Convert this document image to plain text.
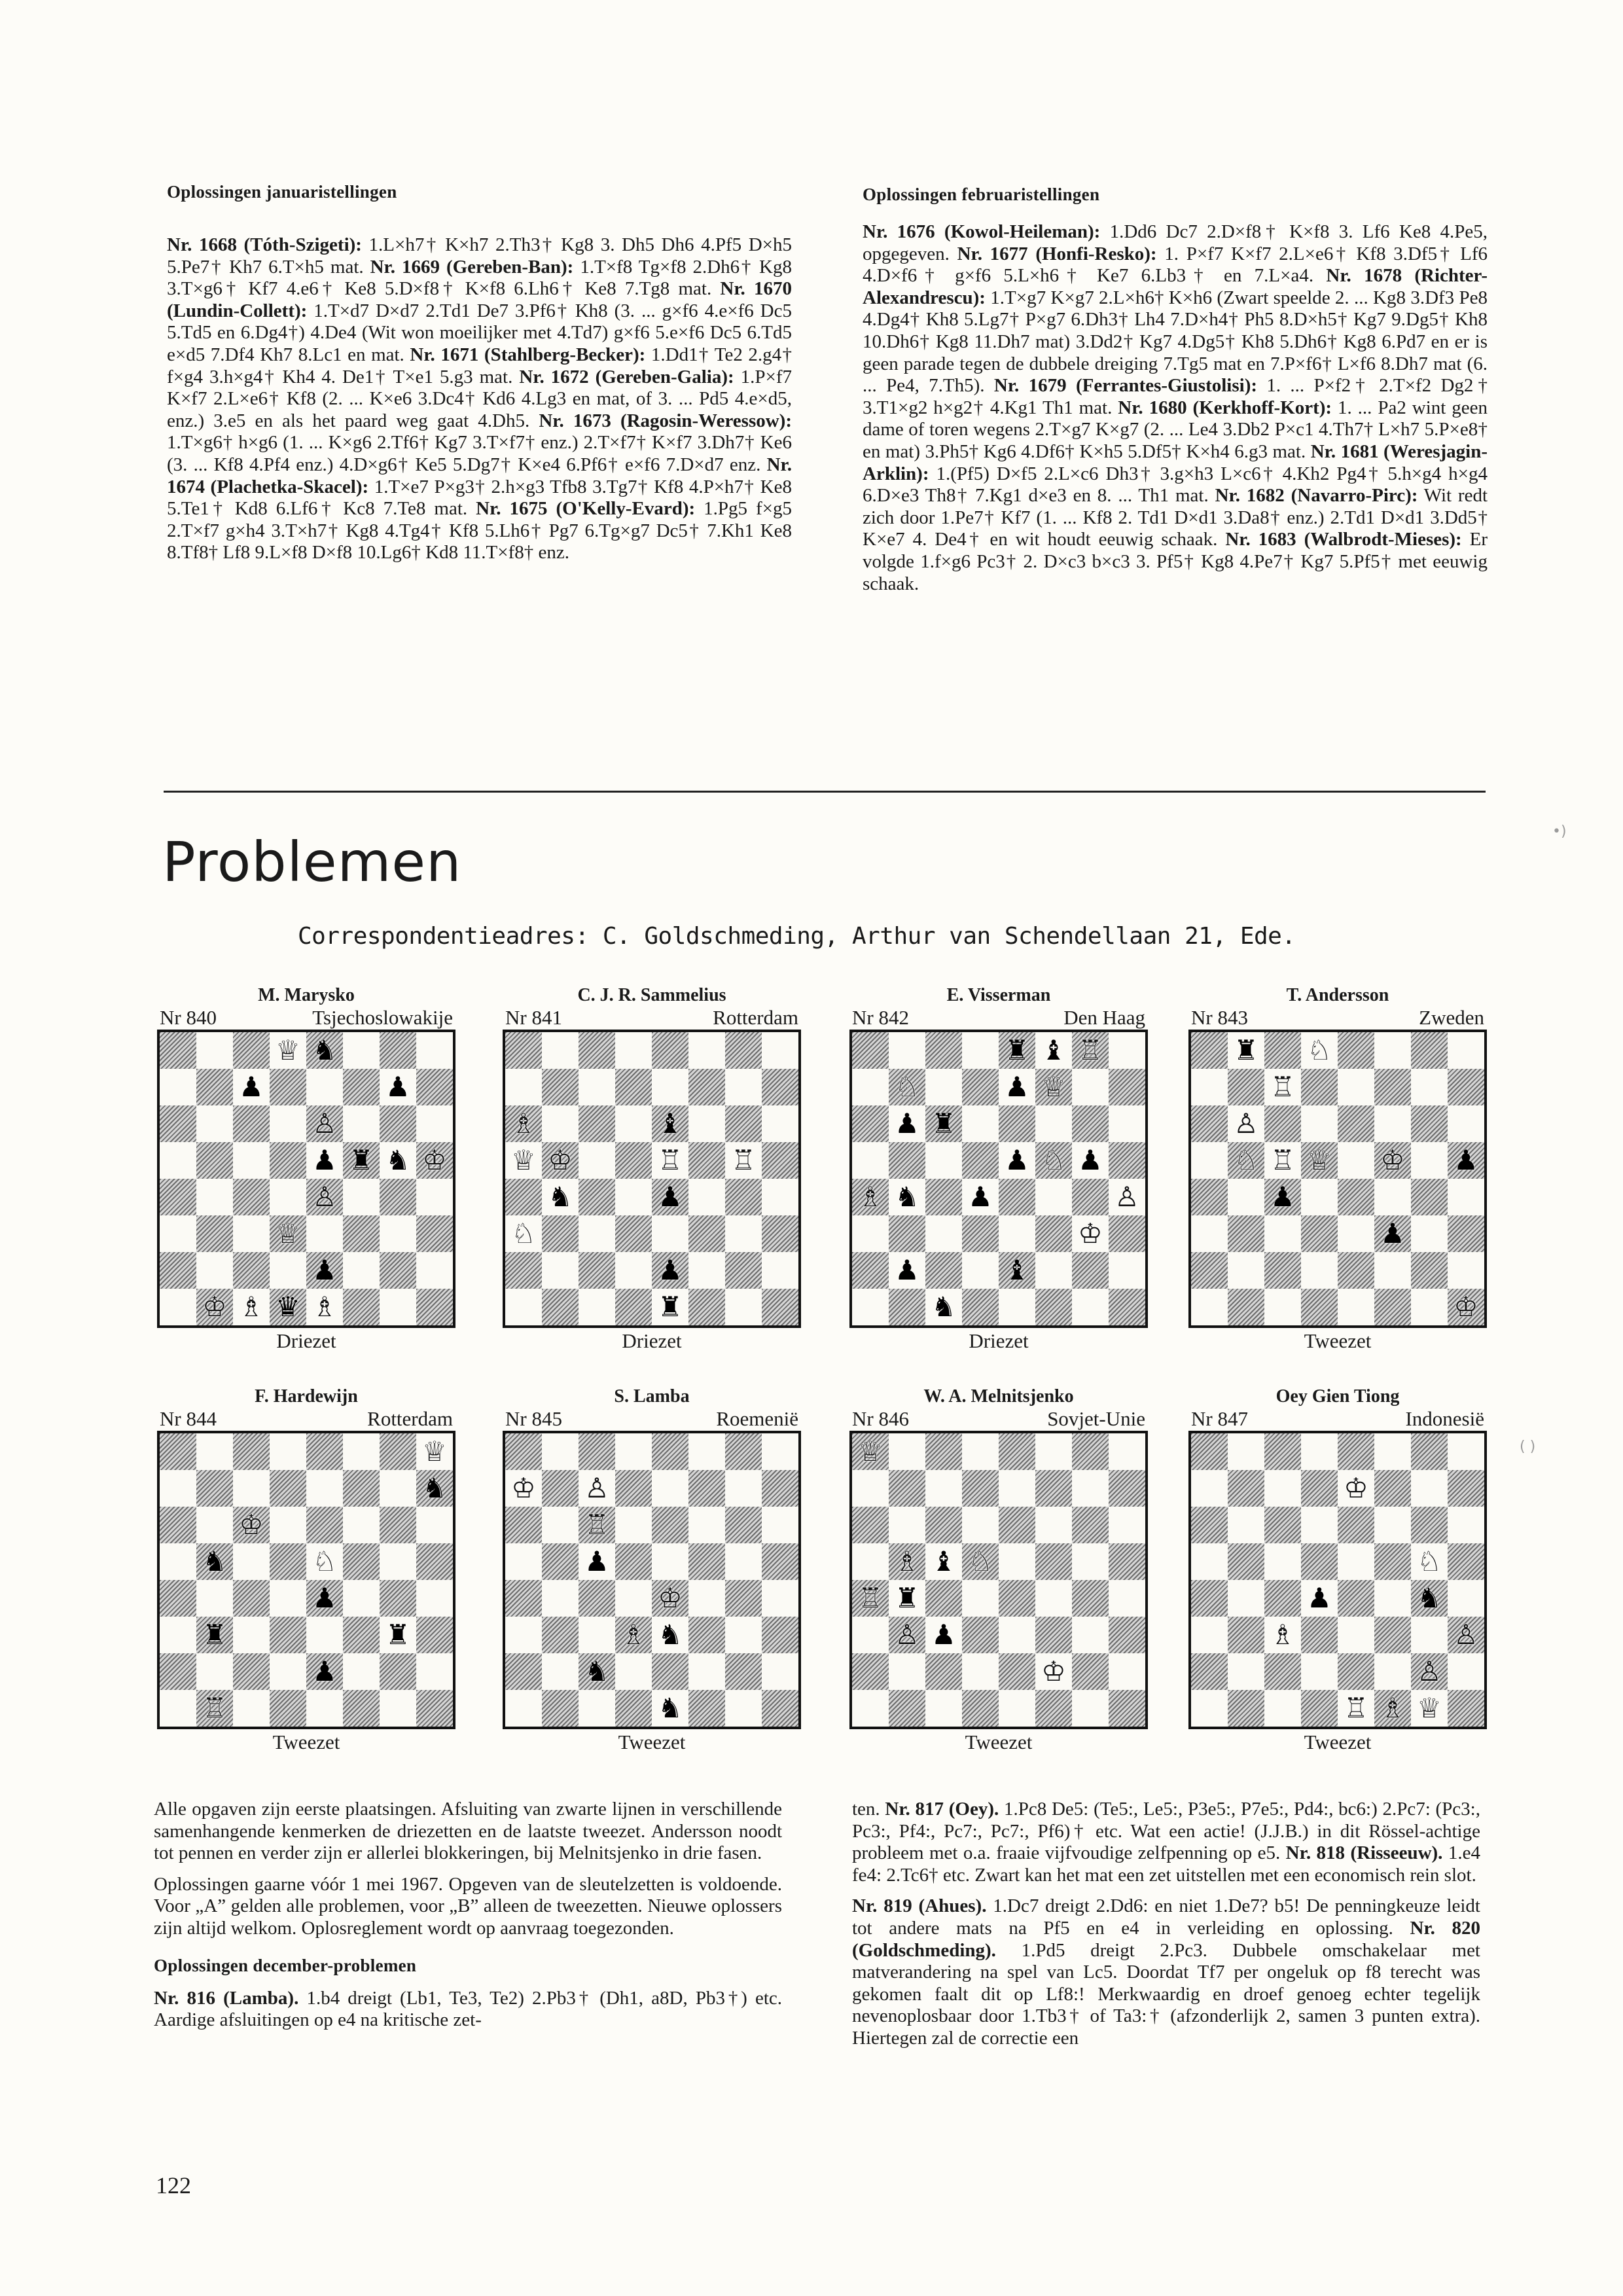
Oplossingen januaristellingen

Nr. 1668 (Tóth-Szigeti): 1.L×h7† K×h7 2.Th3† Kg8 3. Dh5 Dh6 4.Pf5 D×h5 5.Pe7† Kh7 6.T×h5 mat. Nr. 1669 (Gereben-Ban): 1.T×f8 Tg×f8 2.Dh6† Kg8 3.T×g6† Kf7 4.e6† Ke8 5.D×f8† K×f8 6.Lh6† Ke8 7.Tg8 mat. Nr. 1670 (Lundin-Collett): 1.T×d7 D×d7 2.Td1 De7 3.Pf6† Kh8 (3. ... g×f6 4.e×f6 Dc5 5.Td5 en 6.Dg4†) 4.De4 (Wit won moeilijker met 4.Td7) g×f6 5.e×f6 Dc5 6.Td5 e×d5 7.Df4 Kh7 8.Lc1 en mat. Nr. 1671 (Stahlberg-Becker): 1.Dd1† Te2 2.g4† f×g4 3.h×g4† Kh4 4. De1† T×e1 5.g3 mat. Nr. 1672 (Gereben-Galia): 1.P×f7 K×f7 2.L×e6† Kf8 (2. ... K×e6 3.Dc4† Kd6 4.Lg3 en mat, of 3. ... Pd5 4.e×d5, enz.) 3.e5 en als het paard weg gaat 4.Dh5. Nr. 1673 (Ragosin-Weressow): 1.T×g6† h×g6 (1. ... K×g6 2.Tf6† Kg7 3.T×f7† enz.) 2.T×f7† K×f7 3.Dh7† Ke6 (3. ... Kf8 4.Pf4 enz.) 4.D×g6† Ke5 5.Dg7† K×e4 6.Pf6† e×f6 7.D×d7 enz. Nr. 1674 (Plachetka-Skacel): 1.T×e7 P×g3† 2.h×g3 Tfb8 3.Tg7† Kf8 4.P×h7† Ke8 5.Te1† Kd8 6.Lf6† Kc8 7.Te8 mat. Nr. 1675 (O'Kelly-Evard): 1.Pg5 f×g5 2.T×f7 g×h4 3.T×h7† Kg8 4.Tg4† Kf8 5.Lh6† Pg7 6.Tg×g7 Dc5† 7.Kh1 Ke8 8.Tf8† Lf8 9.L×f8 D×f8 10.Lg6† Kd8 11.T×f8† enz.

Oplossingen februaristellingen

Nr. 1676 (Kowol-Heileman): 1.Dd6 Dc7 2.D×f8† K×f8 3. Lf6 Ke8 4.Pe5, opgegeven. Nr. 1677 (Honfi-Resko): 1. P×f7 K×f7 2.L×e6† Kf8 3.Df5† Lf6 4.D×f6† g×f6 5.L×h6† Ke7 6.Lb3† en 7.L×a4. Nr. 1678 (Richter-Alexandrescu): 1.T×g7 K×g7 2.L×h6† K×h6 (Zwart speelde 2. ... Kg8 3.Df3 Pe8 4.Dg4† Kh8 5.Lg7† P×g7 6.Dh3† Lh4 7.D×h4† Ph5 8.D×h5† Kg7 9.Dg5† Kh8 10.Dh6† Kg8 11.Dh7 mat) 3.Dd2† Kg7 4.Dg5† Kh8 5.Dh6† Kg8 6.Pd7 en er is geen parade tegen de dubbele dreiging 7.Tg5 mat en 7.P×f6† L×f6 8.Dh7 mat (6. ... Pe4, 7.Th5). Nr. 1679 (Ferrantes-Giustolisi): 1. ... P×f2† 2.T×f2 Dg2† 3.T1×g2 h×g2† 4.Kg1 Th1 mat. Nr. 1680 (Kerkhoff-Kort): 1. ... Pa2 wint geen dame of toren wegens 2.T×g7 K×g7 (2. ... Le4 3.Db2 P×c1 4.Th7† L×h7 5.P×e8† en mat) 3.Ph5† Kg6 4.Df6† K×h5 5.Df5† K×h4 6.g3 mat. Nr. 1681 (Weresjagin-Arklin): 1.(Pf5) D×f5 2.L×c6 Dh3† 3.g×h3 L×c6† 4.Kh2 Pg4† 5.h×g4 h×g4 6.D×e3 Th8† 7.Kg1 d×e3 en 8. ... Th1 mat. Nr. 1682 (Navarro-Pirc): Wit redt zich door 1.Pe7† Kf7 (1. ... Kf8 2. Td1 D×d1 3.Da8† enz.) 2.Td1 D×d1 3.Dd5† K×e7 4. De4† en wit houdt eeuwig schaak. Nr. 1683 (Walbrodt-Mieses): Er volgde 1.f×g6 Pc3† 2. D×c3 b×c3 3. Pf5† Kg8 4.Pe7† Kg7 5.Pf5† met eeuwig schaak.

Problemen
Correspondentieadres: C. Goldschmeding, Arthur van Schendellaan 21, Ede.
M. Marysko
Nr 840	Tsjechoslowakije
♕ ♞
♟	♟
♙
♟ ♜ ♞ ♔
♙
♕
♟
♔ ♗ ♛ ♗
Driezet
C. J. R. Sammelius
Nr 841	Rotterdam
♗	♝
♕ ♔	♖ ♖
♞	♟
♘
♟
♜
Driezet
E. Visserman
Nr 842	Den Haag
♜ ♝ ♖
♘	♟ ♕
♟ ♜
♟ ♘ ♟
♗ ♞ ♟	♙
♔
♟	♝
♞
Driezet
T. Andersson
Nr 843	Zweden
♜ ♘
♖
♙
♘ ♖ ♕ ♔ ♟
♟
♟
♔
Tweezet
F. Hardewijn
Nr 844	Rotterdam
♕
♞
♔
♞	♘
♟
♜	♜
♟
♖
Tweezet
S. Lamba
Nr 845	Roemenië
♔ ♙
♖
♟
♔
♗ ♞
♞
♞
Tweezet
W. A. Melnitsjenko
Nr 846	Sovjet-Unie
♕
♗ ♝ ♘
♖ ♜
♙ ♟
♔
Tweezet
Oey Gien Tiong
Nr 847	Indonesië
♔
♘
♟	♞
♗	♙
♙
♖ ♗ ♕
Tweezet

Alle opgaven zijn eerste plaatsingen. Afsluiting van zwarte lijnen in verschillende samenhangende kenmerken de driezetten en de laatste tweezet. Andersson noodt tot pennen en verder zijn er allerlei blokkeringen, bij Melnitsjenko in drie fasen.

Oplossingen gaarne vóór 1 mei 1967. Opgeven van de sleutelzetten is voldoende. Voor „A” gelden alle problemen, voor „B” alleen de tweezetten. Nieuwe oplossers zijn altijd welkom. Oplosreglement wordt op aanvraag toegezonden.

Oplossingen december-problemen

Nr. 816 (Lamba). 1.b4 dreigt (Lb1, Te3, Te2) 2.Pb3† (Dh1, a8D, Pb3†) etc. Aardige afsluitingen op e4 na kritische zet-

ten. Nr. 817 (Oey). 1.Pc8 De5: (Te5:, Le5:, P3e5:, P7e5:, Pd4:, bc6:) 2.Pc7: (Pc3:, Pc3:, Pf4:, Pc7:, Pc7:, Pf6)† etc. Wat een actie! (J.J.B.) in dit Rössel-achtige probleem met o.a. fraaie vijfvoudige zelfpenning op e5. Nr. 818 (Risseeuw). 1.e4 fe4: 2.Tc6† etc. Zwart kan het mat een zet uitstellen met een economisch rein slot.

Nr. 819 (Ahues). 1.Dc7 dreigt 2.Dd6: en niet 1.De7? b5! De penningkeuze leidt tot andere mats na Pf5 en e4 in verleiding en oplossing. Nr. 820 (Goldschmeding). 1.Pd5 dreigt 2.Pc3. Dubbele omschakelaar met matverandering na spel van Lc5. Doordat Tf7 per ongeluk op f8 terecht was gekomen faalt dit op Lf8:! Merkwaardig en droef genoeg echter tegelijk nevenoplosbaar door 1.Tb3† of Ta3:† (afzonderlijk 2, samen 3 punten extra). Hiertegen zal de correctie een

122
•)
( )
